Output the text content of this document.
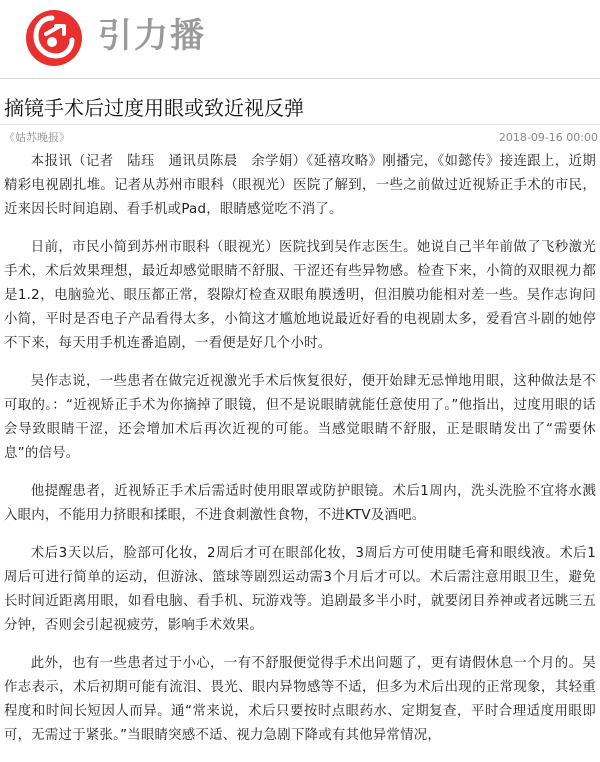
引力播
摘镜手术后过度用眼或致近视反弹
《姑苏晚报》	2018-09-16 00:00

本报讯（记者　陆珏　通讯员陈晨　余学娟）《延禧攻略》刚播完，《如懿传》接连跟上，近期精彩电视剧扎堆。记者从苏州市眼科（眼视光）医院了解到，一些之前做过近视矫正手术的市民，近来因长时间追剧、看手机或Pad，眼睛感觉吃不消了。

日前，市民小简到苏州市眼科（眼视光）医院找到吴作志医生。她说自己半年前做了飞秒激光手术，术后效果理想，最近却感觉眼睛不舒服、干涩还有些异物感。检查下来，小简的双眼视力都是1.2，电脑验光、眼压都正常，裂隙灯检查双眼角膜透明，但泪膜功能相对差一些。吴作志询问小简，平时是否电子产品看得太多，小简这才尴尬地说最近好看的电视剧太多，爱看宫斗剧的她停不下来，每天用手机连番追剧，一看便是好几个小时。

吴作志说，一些患者在做完近视激光手术后恢复很好，便开始肆无忌惮地用眼，这种做法是不可取的。：“近视矫正手术为你摘掉了眼镜，但不是说眼睛就能任意使用了。”他指出，过度用眼的话会导致眼睛干涩，还会增加术后再次近视的可能。当感觉眼睛不舒服，正是眼睛发出了“需要休息”的信号。

他提醒患者，近视矫正手术后需适时使用眼罩或防护眼镜。术后1周内，洗头洗脸不宜将水溅入眼内，不能用力挤眼和揉眼，不进食刺激性食物，不进KTV及酒吧。

术后3天以后，脸部可化妆，2周后才可在眼部化妆，3周后方可使用睫毛膏和眼线液。术后1周后可进行简单的运动，但游泳、篮球等剧烈运动需3个月后才可以。术后需注意用眼卫生，避免长时间近距离用眼，如看电脑、看手机、玩游戏等。追剧最多半小时，就要闭目养神或者远眺三五分钟，否则会引起视疲劳，影响手术效果。

此外，也有一些患者过于小心，一有不舒服便觉得手术出问题了，更有请假休息一个月的。吴作志表示，术后初期可能有流泪、畏光、眼内异物感等不适，但多为术后出现的正常现象，其轻重程度和时间长短因人而异。通“常来说，术后只要按时点眼药水、定期复查，平时合理适度用眼即可，无需过于紧张。”当眼睛突感不适、视力急剧下降或有其他异常情况，
